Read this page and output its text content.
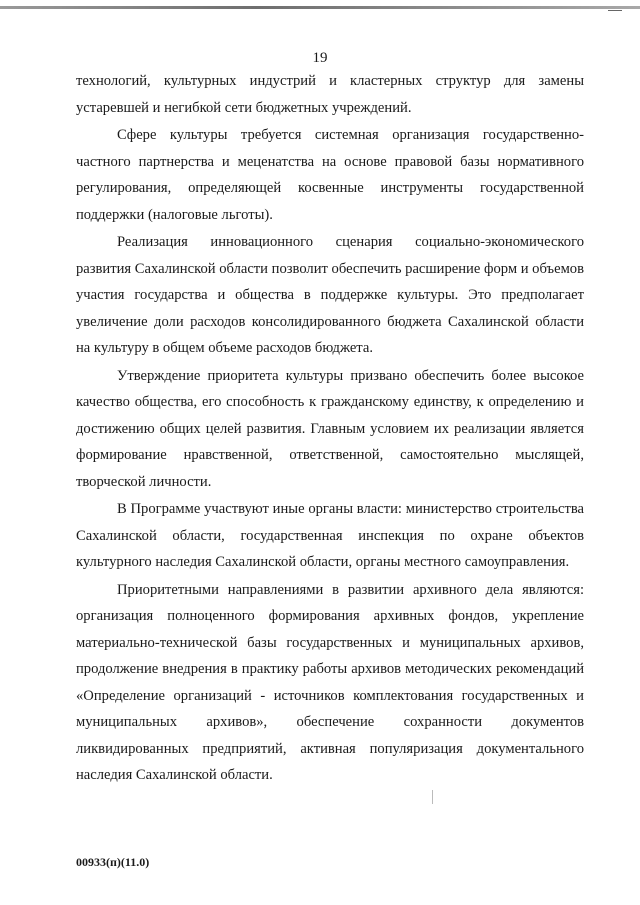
19

технологий, культурных индустрий и кластерных структур для замены устаревшей и негибкой сети бюджетных учреждений.

Сфере культуры требуется системная организация государственно-частного партнерства и меценатства на основе правовой базы нормативного регулирования, определяющей косвенные инструменты государственной поддержки (налоговые льготы).

Реализация инновационного сценария социально-экономического развития Сахалинской области позволит обеспечить расширение форм и объемов участия государства и общества в поддержке культуры. Это предполагает увеличение доли расходов консолидированного бюджета Сахалинской области на культуру в общем объеме расходов бюджета.

Утверждение приоритета культуры призвано обеспечить более высокое качество общества, его способность к гражданскому единству, к определению и достижению общих целей развития. Главным условием их реализации является формирование нравственной, ответственной, самостоятельно мыслящей, творческой личности.

В Программе участвуют иные органы власти: министерство строительства Сахалинской области, государственная инспекция по охране объектов культурного наследия Сахалинской области, органы местного самоуправления.

Приоритетными направлениями в развитии архивного дела являются: организация полноценного формирования архивных фондов, укрепление материально-технической базы государственных и муниципальных архивов, продолжение внедрения в практику работы архивов методических рекомендаций «Определение организаций - источников комплектования государственных и муниципальных архивов», обеспечение сохранности документов ликвидированных предприятий, активная популяризация документального наследия Сахалинской области.

00933(п)(11.0)
